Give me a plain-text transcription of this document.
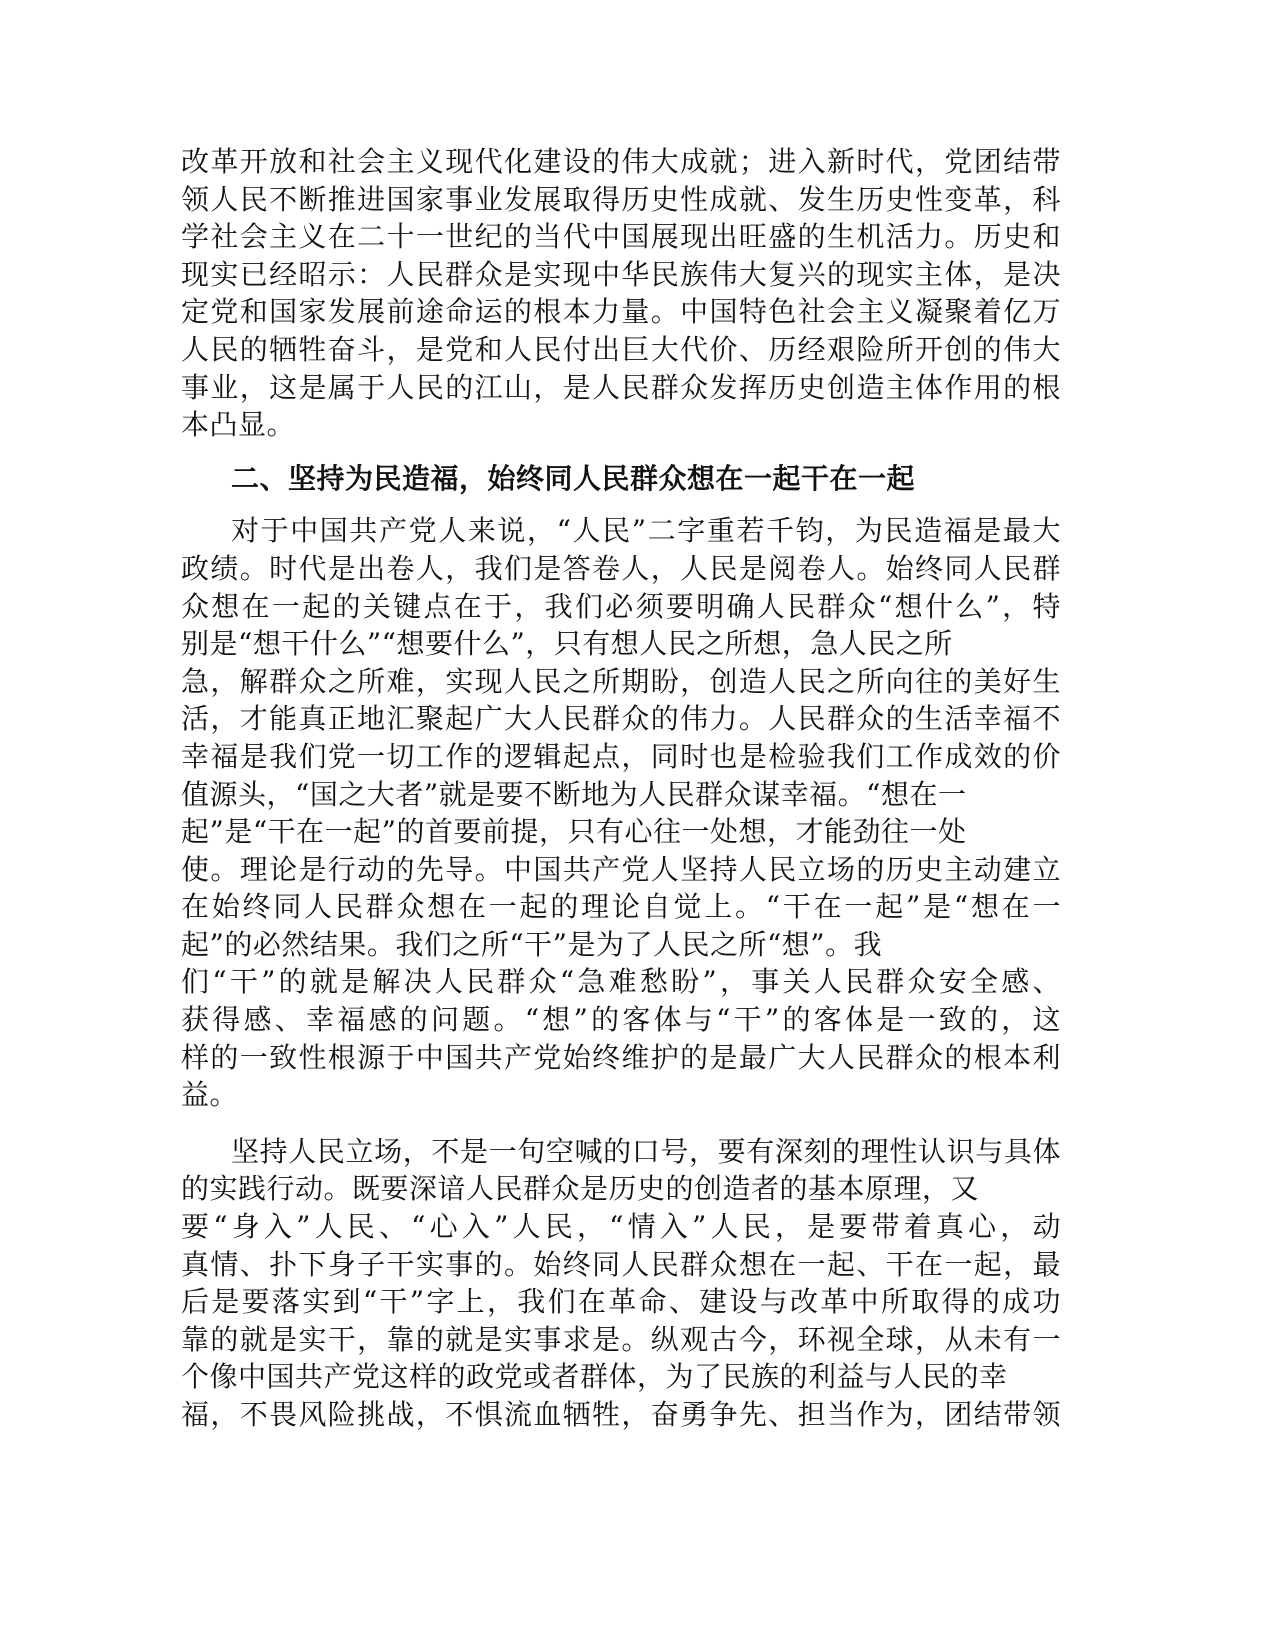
改革开放和社会主义现代化建设的伟大成就；进入新时代，党团结带
领人民不断推进国家事业发展取得历史性成就、发生历史性变革，科
学社会主义在二十一世纪的当代中国展现出旺盛的生机活力。历史和
现实已经昭示：人民群众是实现中华民族伟大复兴的现实主体，是决
定党和国家发展前途命运的根本力量。中国特色社会主义凝聚着亿万
人民的牺牲奋斗，是党和人民付出巨大代价、历经艰险所开创的伟大
事业，这是属于人民的江山，是人民群众发挥历史创造主体作用的根
本凸显。
二、坚持为民造福，始终同人民群众想在一起干在一起
对于中国共产党人来说，“人民”二字重若千钧，为民造福是最大
政绩。时代是出卷人，我们是答卷人，人民是阅卷人。始终同人民群
众想在一起的关键点在于，我们必须要明确人民群众“想什么”，特
别是“想干什么”“想要什么”，只有想人民之所想，急人民之所
急，解群众之所难，实现人民之所期盼，创造人民之所向往的美好生
活，才能真正地汇聚起广大人民群众的伟力。人民群众的生活幸福不
幸福是我们党一切工作的逻辑起点，同时也是检验我们工作成效的价
值源头，“国之大者”就是要不断地为人民群众谋幸福。“想在一
起”是“干在一起”的首要前提，只有心往一处想，才能劲往一处
使。理论是行动的先导。中国共产党人坚持人民立场的历史主动建立
在始终同人民群众想在一起的理论自觉上。“干在一起”是“想在一
起”的必然结果。我们之所“干”是为了人民之所“想”。我
们“干”的就是解决人民群众“急难愁盼”，事关人民群众安全感、
获得感、幸福感的问题。“想”的客体与“干”的客体是一致的，这
样的一致性根源于中国共产党始终维护的是最广大人民群众的根本利
益。
坚持人民立场，不是一句空喊的口号，要有深刻的理性认识与具体
的实践行动。既要深谙人民群众是历史的创造者的基本原理，又
要“身入”人民、“心入”人民，“情入”人民，是要带着真心，动
真情、扑下身子干实事的。始终同人民群众想在一起、干在一起，最
后是要落实到“干”字上，我们在革命、建设与改革中所取得的成功
靠的就是实干，靠的就是实事求是。纵观古今，环视全球，从未有一
个像中国共产党这样的政党或者群体，为了民族的利益与人民的幸
福，不畏风险挑战，不惧流血牺牲，奋勇争先、担当作为，团结带领
